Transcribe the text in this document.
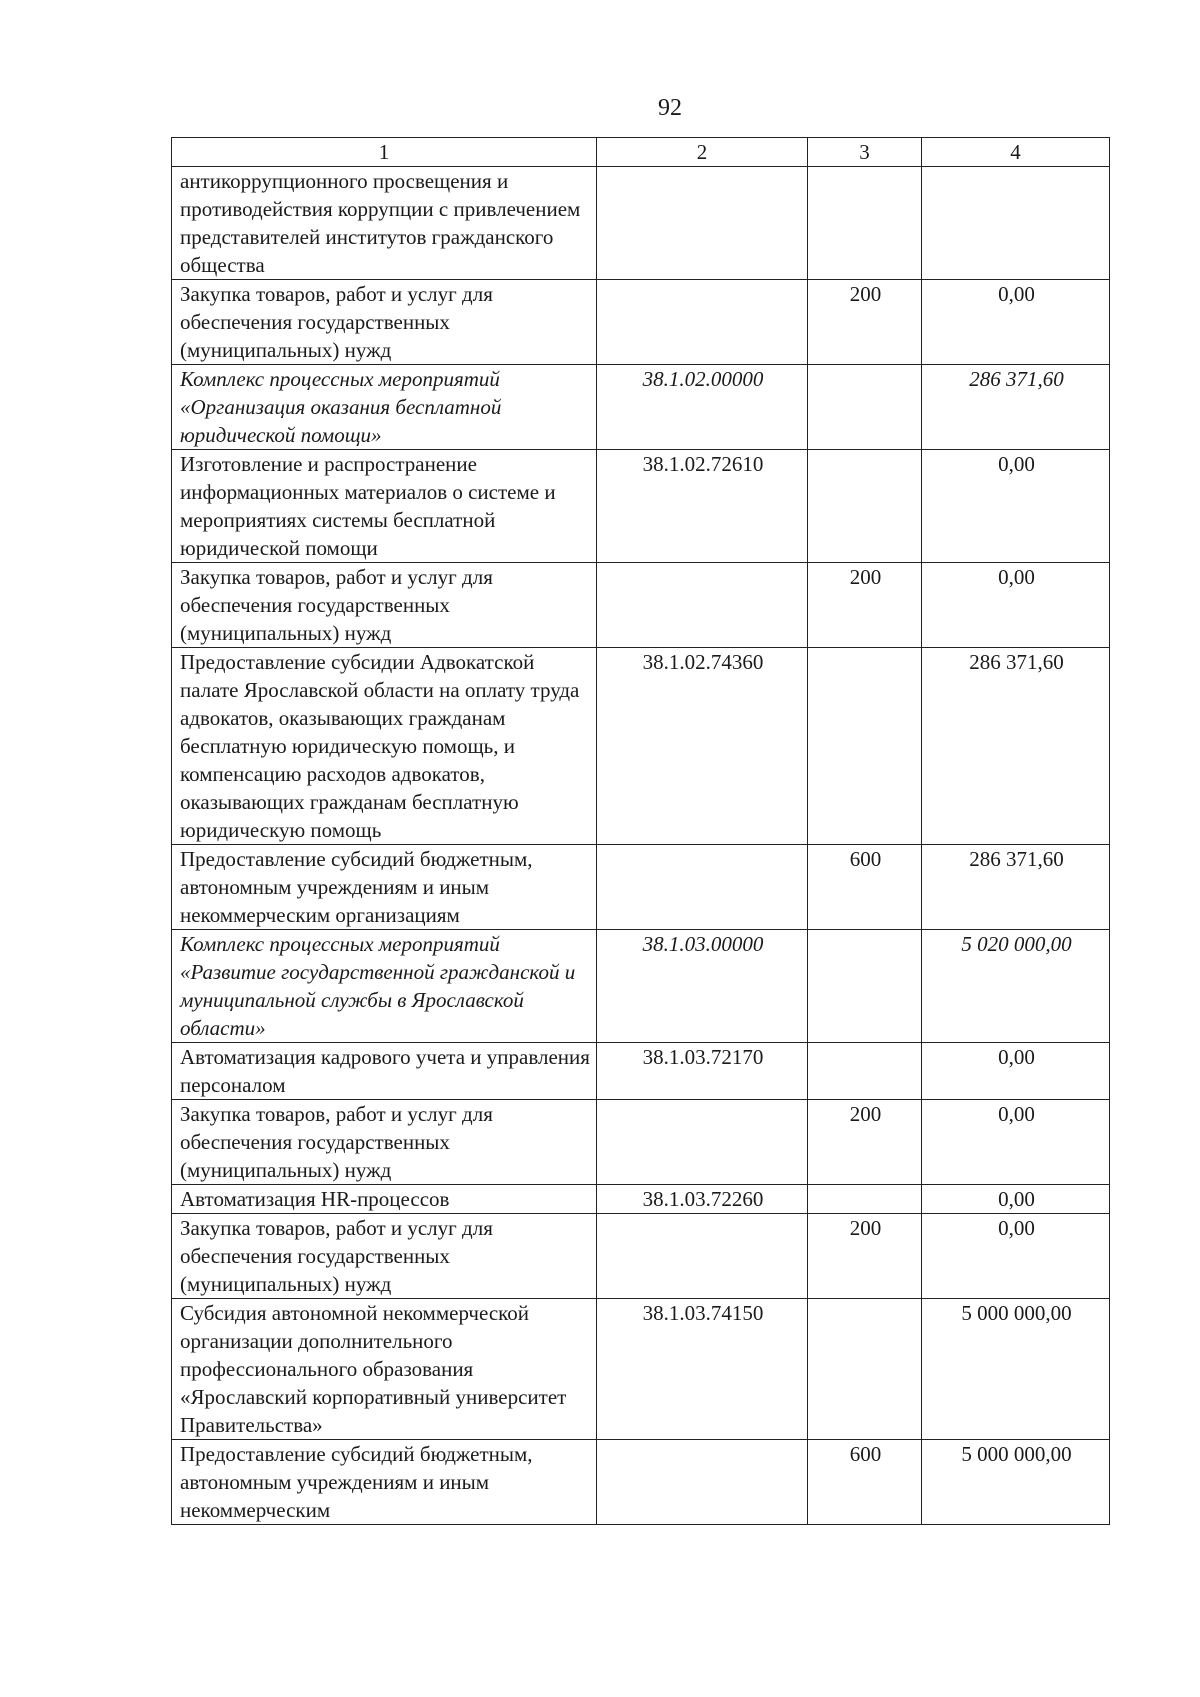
92
1	2	3	4
антикоррупционного просвещения и противодействия коррупции с привлечением представителей институтов гражданского общества			
Закупка товаров, работ и услуг для обеспечения государственных (муниципальных) нужд		200	0,00
Комплекс процессных мероприятий «Организация оказания бесплатной юридической помощи»	38.1.02.00000		286 371,60
Изготовление и распространение информационных материалов о системе и мероприятиях системы бесплатной юридической помощи	38.1.02.72610		0,00
Закупка товаров, работ и услуг для обеспечения государственных (муниципальных) нужд		200	0,00
Предоставление субсидии Адвокатской палате Ярославской области на оплату труда адвокатов, оказывающих гражданам бесплатную юридическую помощь, и компенсацию расходов адвокатов, оказывающих гражданам бесплатную юридическую помощь	38.1.02.74360		286 371,60
Предоставление субсидий бюджетным, автономным учреждениям и иным некоммерческим организациям		600	286 371,60
Комплекс процессных мероприятий «Развитие государственной гражданской и муниципальной службы в Ярославской области»	38.1.03.00000		5 020 000,00
Автоматизация кадрового учета и управления персоналом	38.1.03.72170		0,00
Закупка товаров, работ и услуг для обеспечения государственных (муниципальных) нужд		200	0,00
Автоматизация HR-процессов	38.1.03.72260		0,00
Закупка товаров, работ и услуг для обеспечения государственных (муниципальных) нужд		200	0,00
Субсидия автономной некоммерческой организации дополнительного профессионального образования «Ярославский корпоративный университет Правительства»	38.1.03.74150		5 000 000,00
Предоставление субсидий бюджетным, автономным учреждениям и иным некоммерческим		600	5 000 000,00
